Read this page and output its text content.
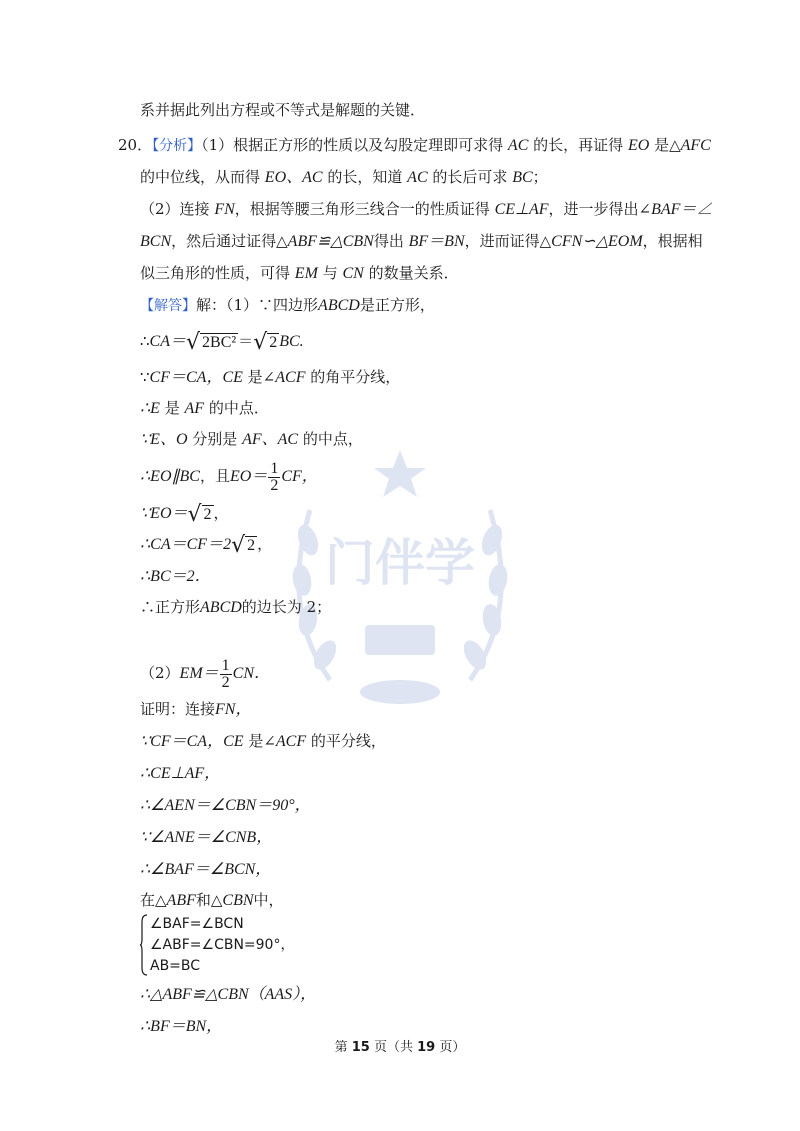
门伴学
系并据此列出方程或不等式是解题的关键．
20．【分析】（1）根据正方形的性质以及勾股定理即可求得 AC 的长，再证得 EO 是△AFC
的中位线，从而得 EO、AC 的长，知道 AC 的长后可求 BC；
（2）连接 FN，根据等腰三角形三线合一的性质证得 CE⊥AF，进一步得出∠BAF＝∠
BCN，然后通过证得△ABF≌△CBN得出 BF＝BN，进而证得△CFN∽△EOM，根据相
似三角形的性质，可得 EM 与 CN 的数量关系．
【解答】解：（1）∵四边形ABCD是正方形，
∴CA＝√ 2BC² ＝√ 2 BC.
∵CF＝CA，CE 是∠ACF 的角平分线，
∴E 是 AF 的中点．
∵E、O 分别是 AF、AC 的中点，
∴EO∥BC，且$EO= \frac{1}{2}$ CF，
∵EO＝√ 2 ，
∴CA＝CF＝2√ 2 ，
∴BC＝2．
∴正方形ABCD的边长为 2；
$(2)EM= \frac{1}{2}$ CN．
证明：连接FN，
∵CF＝CA，CE 是∠ACF 的平分线，
∴CE⊥AF，
∴∠AEN＝∠CBN＝90°，
∵∠ANE＝∠CNB，
∴∠BAF＝∠BCN，
在△ABF和△CBN中，
∠BAF=∠BCN
∠ABF=∠CBN=90°，
AB=BC
∴△ABF≌△CBN（AAS），
∴BF＝BN，
第 15 页（共 19 页）
